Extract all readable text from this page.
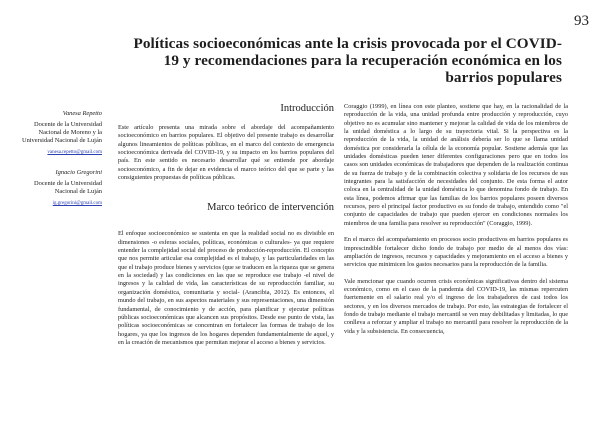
93
Políticas socioeconómicas ante la crisis provocada por el COVID-19 y recomendaciones para la recuperación económica en los barrios populares
Vanesa Repetto
Docente de la Universidad Nacional de Moreno y la Universidad Nacional de Luján
vanesa.repetto@gmail.com
Ignacio Gregorini
Docente de la Universidad Nacional de Luján
ig.gregorini@gmail.com
Introducción

Este artículo presenta una mirada sobre el abordaje del acompañamiento socioeconómico en barrios populares. El objetivo del presente trabajo es desarrollar algunos lineamientos de políticas públicas, en el marco del contexto de emergencia socioeconómica derivada del COVID-19, y su impacto en los barrios populares del país. En este sentido es necesario desarrollar qué se entiende por abordaje socioeconómico, a fin de dejar en evidencia el marco teórico del que se parte y las consiguientes propuestas de políticas públicas.

Marco teórico de intervención

El enfoque socioeconómico se sustenta en que la realidad social no es divisible en dimensiones -o esferas sociales, políticas, económicas o culturales- ya que requiere entender la complejidad social del proceso de producción-reproducción. El concepto que nos permite articular esa complejidad es el trabajo, y las particularidades en las que el trabajo produce bienes y servicios (que se traducen en la riqueza que se genera en la sociedad) y las condiciones en las que se reproduce ese trabajo -el nivel de ingresos y la calidad de vida, las características de su reproducción familiar, su organización doméstica, comunitaria y social- (Arancibia, 2012). Es entonces, el mundo del trabajo, en sus aspectos materiales y sus representaciones, una dimensión fundamental, de conocimiento y de acción, para planificar y ejecutar políticas públicas socioeconómicas que alcancen sus propósitos. Desde ese punto de vista, las políticas socioeconómicas se concentran en fortalecer las formas de trabajo de los hogares, ya que los ingresos de los hogares dependen fundamentalmente de aquel, y en la creación de mecanismos que permitan mejorar el acceso a bienes y servicios.

Coraggio (1999), en línea con este planteo, sostiene que hay, en la racionalidad de la reproducción de la vida, una unidad profunda entre producción y reproducción, cuyo objetivo no es acumular sino mantener y mejorar la calidad de vida de los miembros de la unidad doméstica a lo largo de su trayectoria vital. Si la perspectiva es la reproducción de la vida, la unidad de análisis debería ser lo que se llama unidad doméstica por considerarla la célula de la economía popular. Sostiene además que las unidades domésticas pueden tener diferentes configuraciones pero que en todos los casos son unidades económicas de trabajadores que dependen de la realización continua de su fuerza de trabajo y de la combinación colectiva y solidaria de los recursos de sus integrantes para la satisfacción de necesidades del conjunto. De esta forma el autor coloca en la centralidad de la unidad doméstica lo que denomina fondo de trabajo. En esta línea, podemos afirmar que las familias de los barrios populares poseen diversos recursos, pero el principal factor productivo es su fondo de trabajo, entendido como "el conjunto de capacidades de trabajo que pueden ejercer en condiciones normales los miembros de una familia para resolver su reproducción" (Coraggio, 1999).

En el marco del acompañamiento en procesos socio productivos en barrios populares es imprescindible fortalecer dicho fondo de trabajo por medio de al menos dos vías: ampliación de ingresos, recursos y capacidades y mejoramiento en el acceso a bienes y servicios que minimicen los gastos necesarios para la reproducción de la familia.

Vale mencionar que cuando ocurren crisis económicas significativas dentro del sistema económico, como en el caso de la pandemia del COVID-19, las mismas repercuten fuertemente en el salario real y/o el ingreso de los trabajadores de casi todos los sectores, y en los diversos mercados de trabajo. Por esto, las estrategias de fortalecer el fondo de trabajo mediante el trabajo mercantil se ven muy debilitadas y limitadas, lo que conlleva a reforzar y ampliar el trabajo no mercantil para resolver la reproducción de la vida y la subsistencia. En consecuencia,
